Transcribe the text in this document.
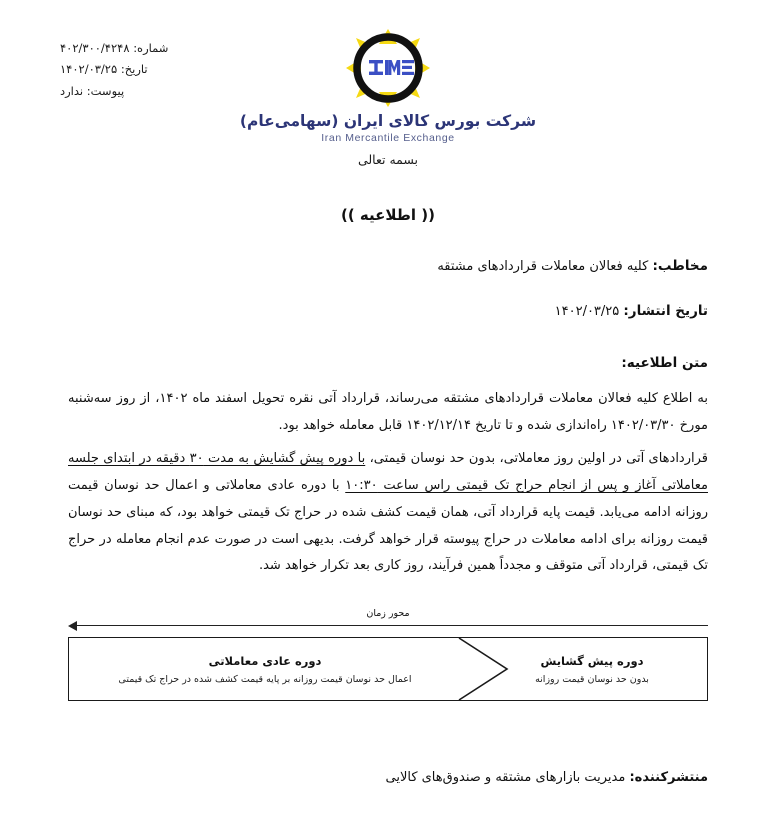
شماره: ۴۰۲/۳۰۰/۴۲۴۸
تاریخ: ۱۴۰۲/۰۳/۲۵
پیوست: ندارد
شرکت بورس کالای ایران (سهامی‌عام)
Iran Mercantile Exchange
بسمه تعالی
(( اطلاعیه ))
مخاطب: کلیه فعالان معاملات قراردادهای مشتقه
تاریخ انتشار: ۱۴۰۲/۰۳/۲۵
متن اطلاعیه:

به اطلاع کلیه فعالان معاملات قراردادهای مشتقه می‌رساند، قرارداد آتی نقره تحویل اسفند ماه ۱۴۰۲، از روز سه‌شنبه مورخ ۱۴۰۲/۰۳/۳۰ راه‌اندازی شده و تا تاریخ ۱۴۰۲/۱۲/۱۴ قابل معامله خواهد بود.

قراردادهای آتی در اولین روز معاملاتی، بدون حد نوسان قیمتی، با دوره پیش گشایش به مدت ۳۰ دقیقه در ابتدای جلسه معاملاتی آغاز و پس از انجام حراج تک قیمتی راس ساعت ۱۰:۳۰ با دوره عادی معاملاتی و اعمال حد نوسان قیمت روزانه ادامه می‌یابد. قیمت پایه قرارداد آتی، همان قیمت کشف شده در حراج تک قیمتی خواهد بود، که مبنای حد نوسان قیمت روزانه برای ادامه معاملات در حراج پیوسته قرار خواهد گرفت. بدیهی است در صورت عدم انجام معامله در حراج تک قیمتی، قرارداد آتی متوقف و مجدداً همین فرآیند، روز کاری بعد تکرار خواهد شد.

محور زمان
دوره پیش گشایش
بدون حد نوسان قیمت روزانه
دوره عادی معاملاتی
اعمال حد نوسان قیمت روزانه بر پایه قیمت کشف شده در حراج تک قیمتی
منتشرکننده: مدیریت بازارهای مشتقه و صندوق‌های کالایی
